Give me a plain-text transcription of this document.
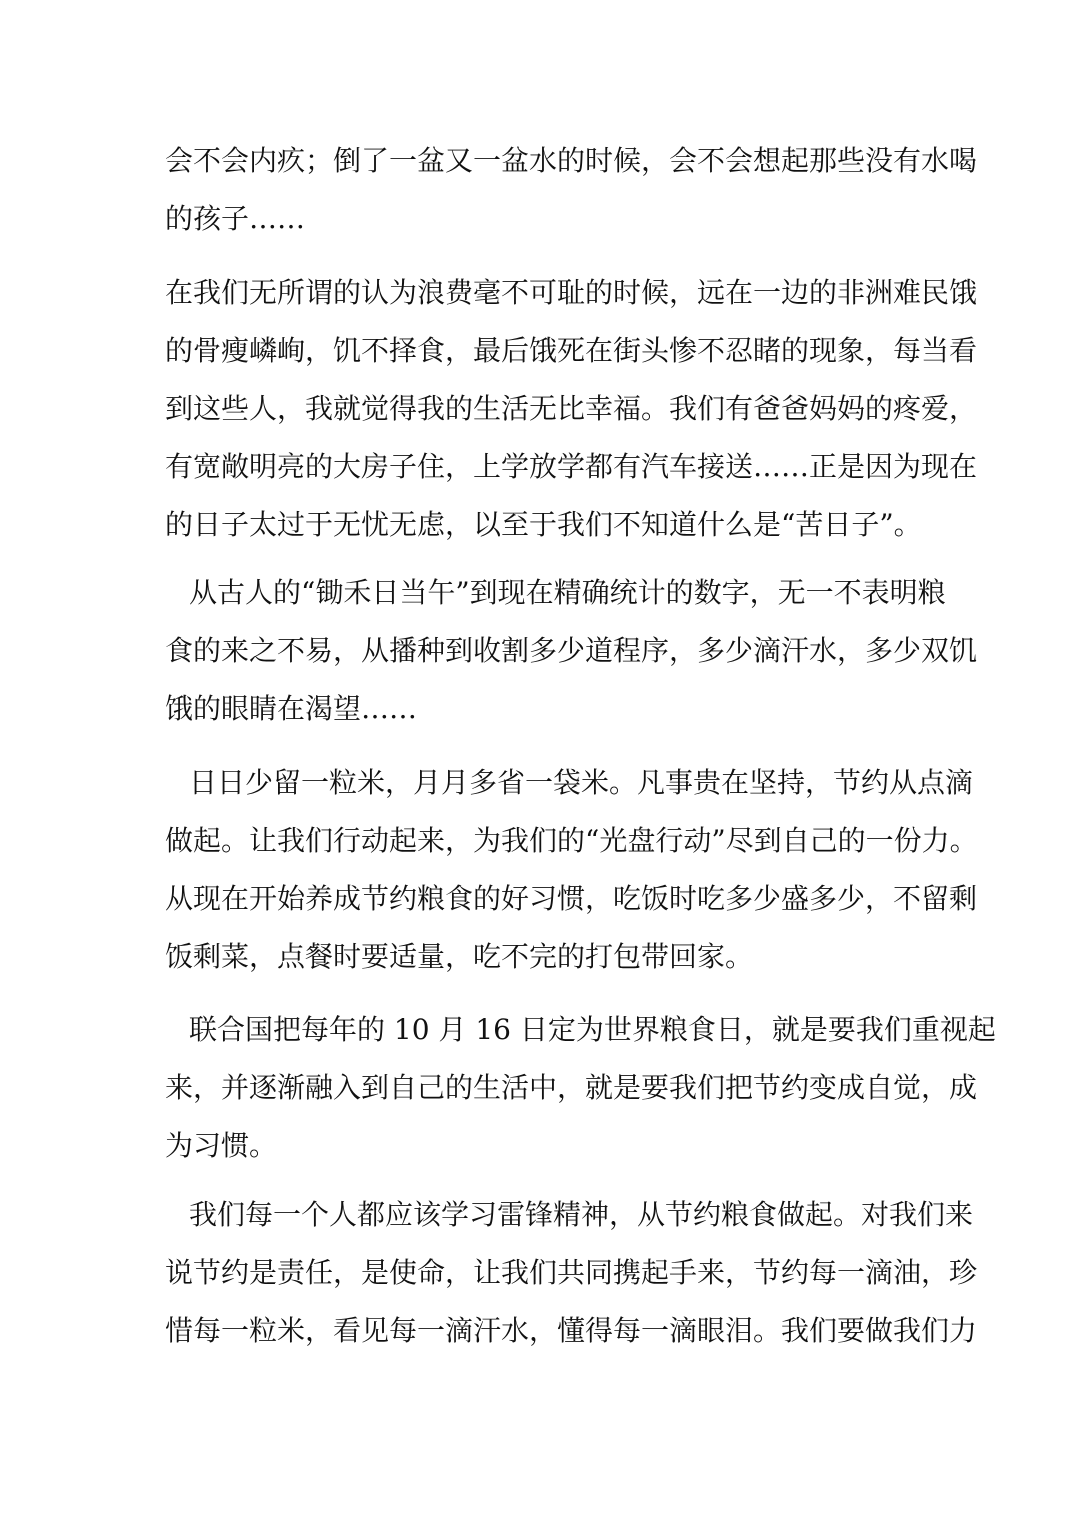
会不会内疚；倒了一盆又一盆水的时候，会不会想起那些没有水喝
的孩子……
在我们无所谓的认为浪费毫不可耻的时候，远在一边的非洲难民饿
的骨瘦嶙峋，饥不择食，最后饿死在街头惨不忍睹的现象，每当看
到这些人，我就觉得我的生活无比幸福。我们有爸爸妈妈的疼爱，
有宽敞明亮的大房子住，上学放学都有汽车接送……正是因为现在
的日子太过于无忧无虑，以至于我们不知道什么是“苦日子”。
从古人的“锄禾日当午”到现在精确统计的数字，无一不表明粮
食的来之不易，从播种到收割多少道程序，多少滴汗水，多少双饥
饿的眼睛在渴望……
日日少留一粒米，月月多省一袋米。凡事贵在坚持，节约从点滴
做起。让我们行动起来，为我们的“光盘行动”尽到自己的一份力。
从现在开始养成节约粮食的好习惯，吃饭时吃多少盛多少，不留剩
饭剩菜，点餐时要适量，吃不完的打包带回家。
联合国把每年的 10 月 16 日定为世界粮食日，就是要我们重视起
来，并逐渐融入到自己的生活中，就是要我们把节约变成自觉，成
为习惯。
我们每一个人都应该学习雷锋精神，从节约粮食做起。对我们来
说节约是责任，是使命，让我们共同携起手来，节约每一滴油，珍
惜每一粒米，看见每一滴汗水，懂得每一滴眼泪。我们要做我们力
